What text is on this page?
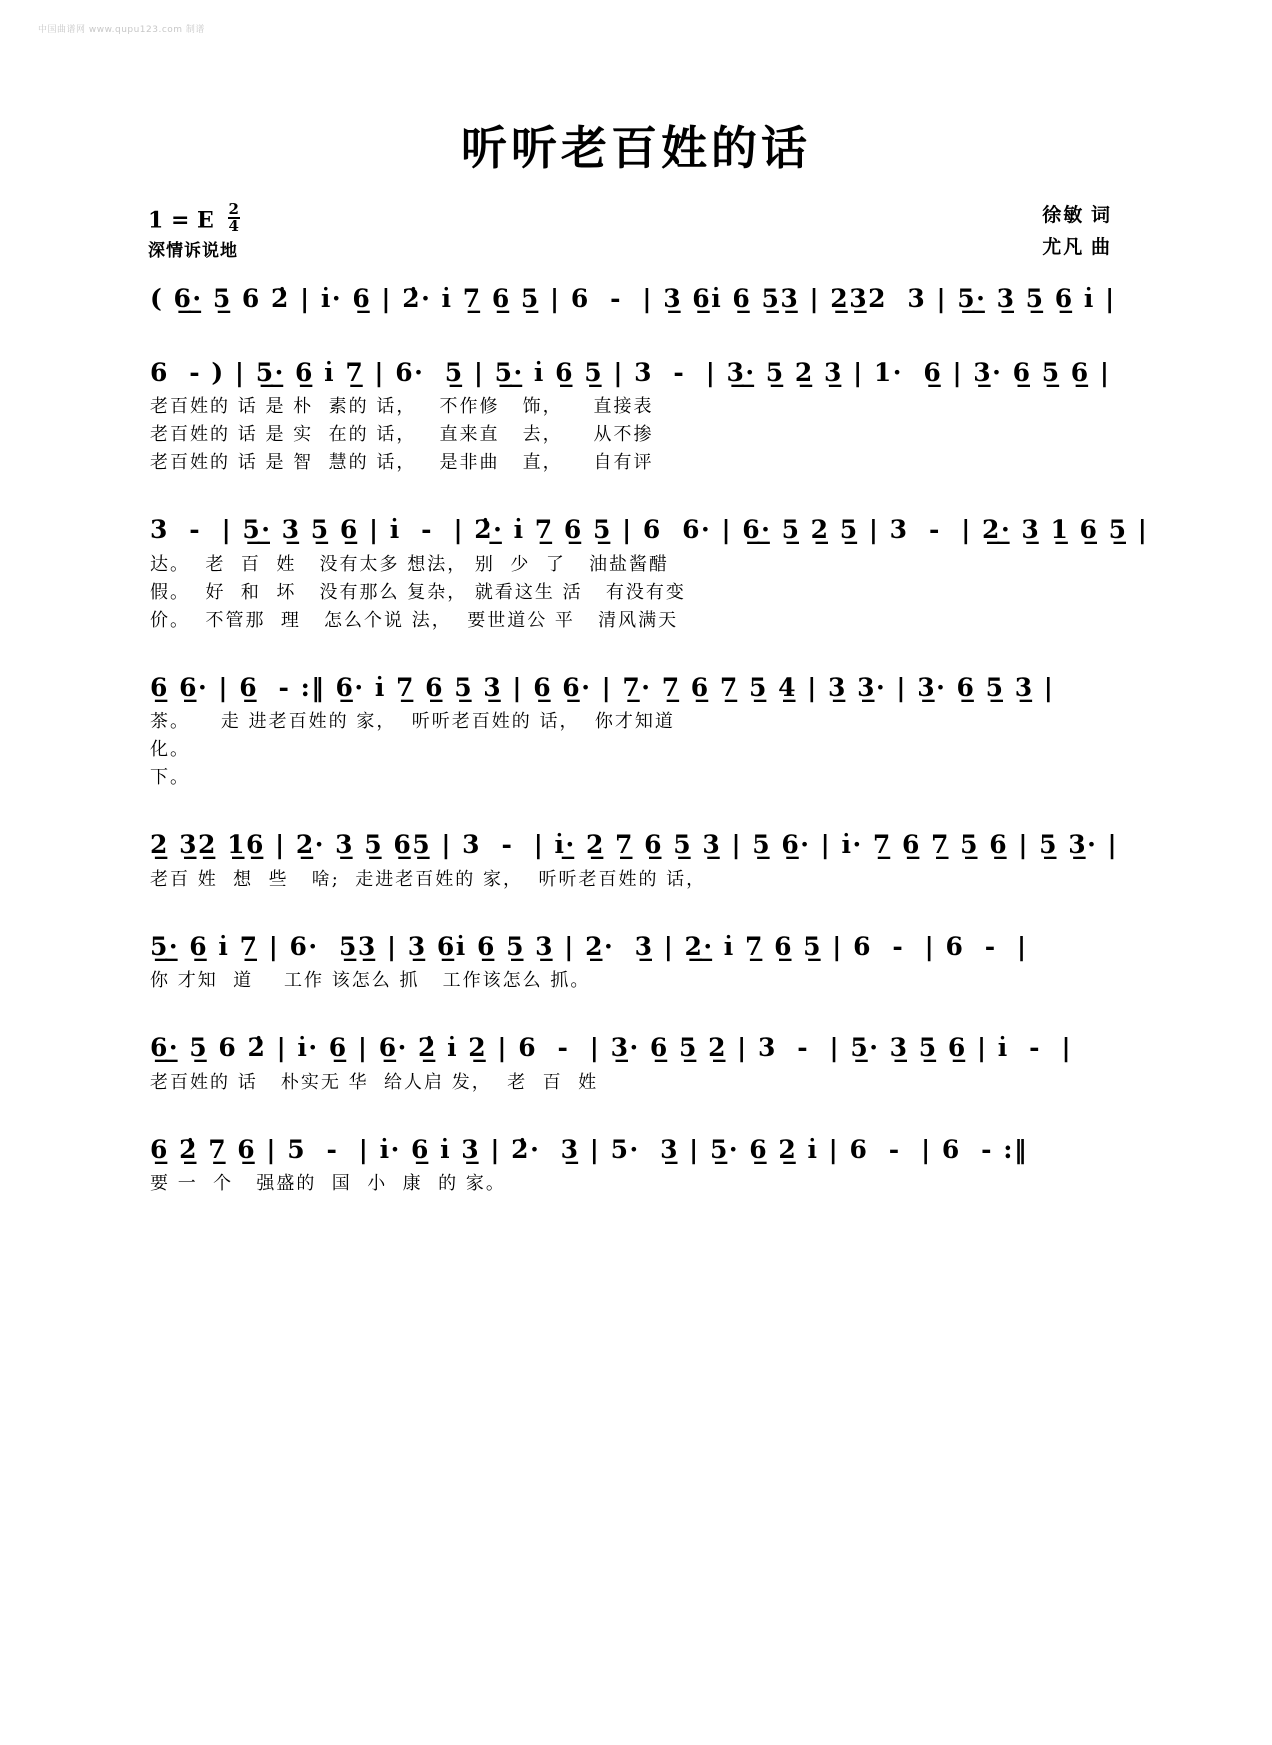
中国曲谱网 www.qupu123.com 制谱
听听老百姓的话
1 = E $\frac{2}{4}$
深情诉说地
徐敏 词
尤凡 曲
( 6̲·̲ 5̲ 6 2̇ | i̇· 6̲ | 2̇· i̇ 7̲ 6̲ 5̲ | 6  -  | 3̲ 6̲i̇ 6̲ 5̲3̲ | 2̲3̲2  3 | 5̲·̲ 3̲ 5̲ 6̲ i̇ |
6  - ) | 5̲·̲ 6̲ i̇ 7̲ | 6·  5̲ | 5̲·̲ i̇ 6̲ 5̲ | 3  -  | 3̲·̲ 5̲ 2̲ 3̲ | 1·  6̲ | 3̲· 6̲ 5̲ 6̲ |
老百姓的 话 是 朴  素的 话，   不作修   饰，    直接表
老百姓的 话 是 实  在的 话，   直来直   去，    从不掺
老百姓的 话 是 智  慧的 话，   是非曲   直，    自有评
3  -  | 5̲·̲ 3̲ 5̲ 6̲ | i̇  -  | 2̇·̲ i̇ 7̲ 6̲ 5̲ | 6  6· | 6̲·̲ 5̲ 2̲ 5̲ | 3  -  | 2̲·̲ 3̲ 1̲ 6̲ 5̲ |
达。  老  百  姓   没有太多 想法， 别  少  了   油盐酱醋
假。  好  和  坏   没有那么 复杂， 就看这生 活   有没有变
价。  不管那  理   怎么个说 法，  要世道公 平   清风满天
6̲ 6̲· | 6̲  - :‖ 6̲· i̇ 7̲ 6̲ 5̲ 3̲ | 6̲ 6̲· | 7̲· 7̲ 6̲ 7̲ 5̲ 4̲ | 3̲ 3̲· | 3̲· 6̲ 5̲ 3̲ |
茶。    走 进老百姓的 家，  听听老百姓的 话，  你才知道
化。
下。
2̲ 3̲2̲ 1̲6̲ | 2̲· 3̲ 5̲ 6̲5̲ | 3  -  | i̇·̲ 2̲ 7̲ 6̲ 5̲ 3̲ | 5̲ 6̲· | i̇· 7̲ 6̲ 7̲ 5̲ 6̲ | 5̲ 3̲· |
老百 姓  想  些   啥;  走进老百姓的 家，  听听老百姓的 话，
5̲·̲ 6̲ i̇ 7̲ | 6·  5̲3̲ | 3̲ 6̲i̇ 6̲ 5̲ 3̲ | 2̲·  3̲ | 2̲·̲ i̇ 7̲ 6̲ 5̲ | 6  -  | 6  -  |
你 才知  道    工作 该怎么 抓   工作该怎么 抓。
6̲·̲ 5̲ 6 2̇ | i̇· 6̲ | 6̲· 2̲̇ i̇ 2̲ | 6  -  | 3̲· 6̲ 5̲ 2̲ | 3  -  | 5̲· 3̲ 5̲ 6̲ | i̇  -  |
老百姓的 话   朴实无 华  给人启 发，  老  百  姓
6̲ 2̲̇ 7̲ 6̲ | 5  -  | i̇· 6̲ i̇ 3̲ | 2̇·  3̲ | 5·  3̲ | 5̲· 6̲ 2̲ i̇ | 6  -  | 6  - :‖
要 一  个   强盛的  国  小  康  的 家。
